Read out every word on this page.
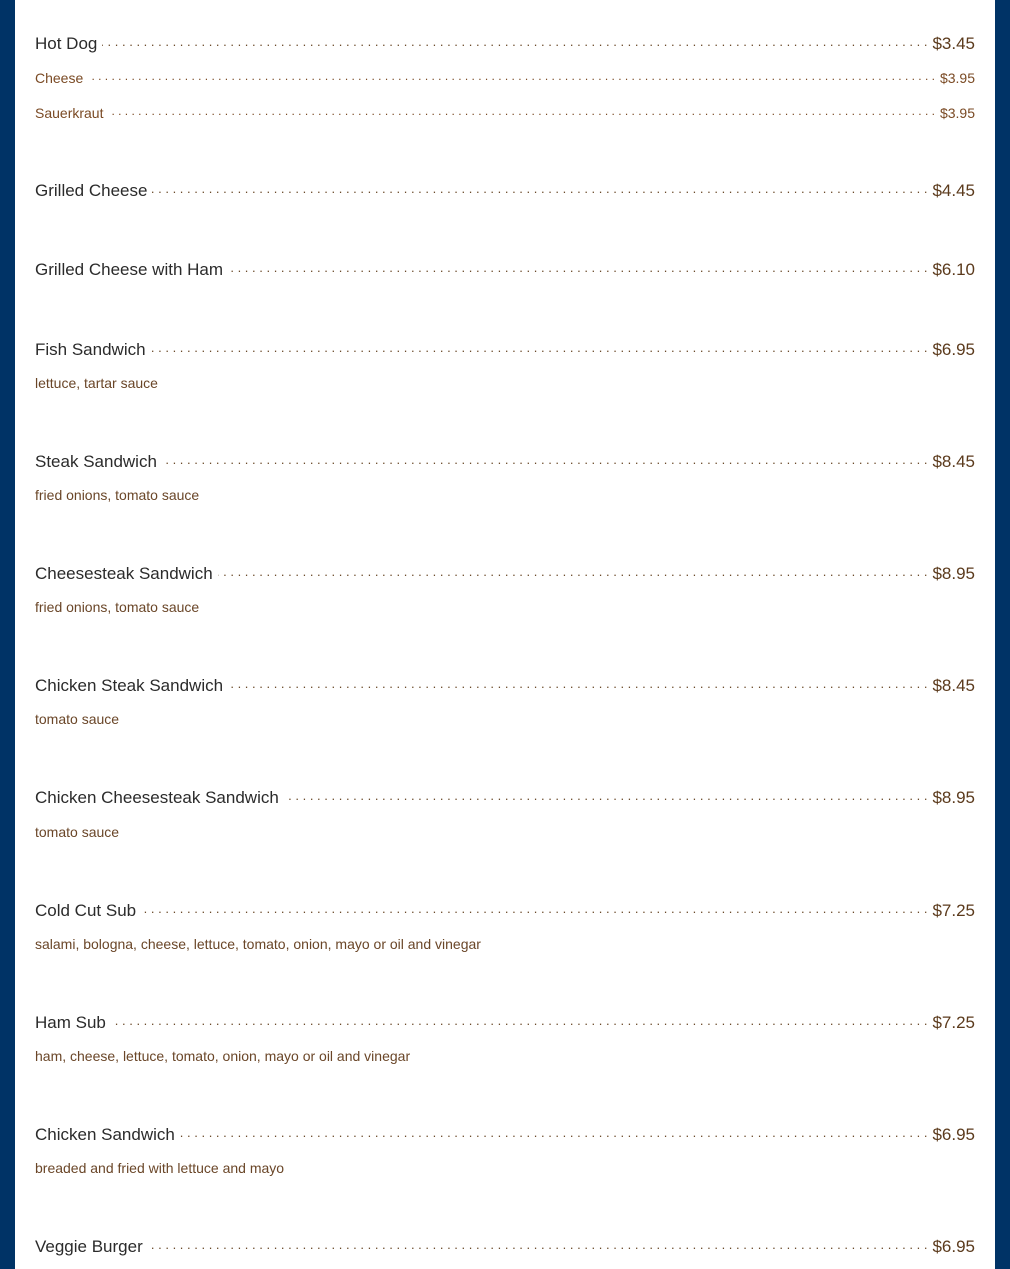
Hot Dog . . .	$3.45
Cheese . . .	$3.95
Sauerkraut . . .	$3.95
Grilled Cheese . . .	$4.45
Grilled Cheese with Ham . . .	$6.10
Fish Sandwich . . .	$6.95
lettuce, tartar sauce
Steak Sandwich . . .	$8.45
fried onions, tomato sauce
Cheesesteak Sandwich . . .	$8.95
fried onions, tomato sauce
Chicken Steak Sandwich . . .	$8.45
tomato sauce
Chicken Cheesesteak Sandwich . . .	$8.95
tomato sauce
Cold Cut Sub . . .	$7.25
salami, bologna, cheese, lettuce, tomato, onion, mayo or oil and vinegar
Ham Sub . . .	$7.25
ham, cheese, lettuce, tomato, onion, mayo or oil and vinegar
Chicken Sandwich . . .	$6.95
breaded and fried with lettuce and mayo
Veggie Burger . . .	$6.95
